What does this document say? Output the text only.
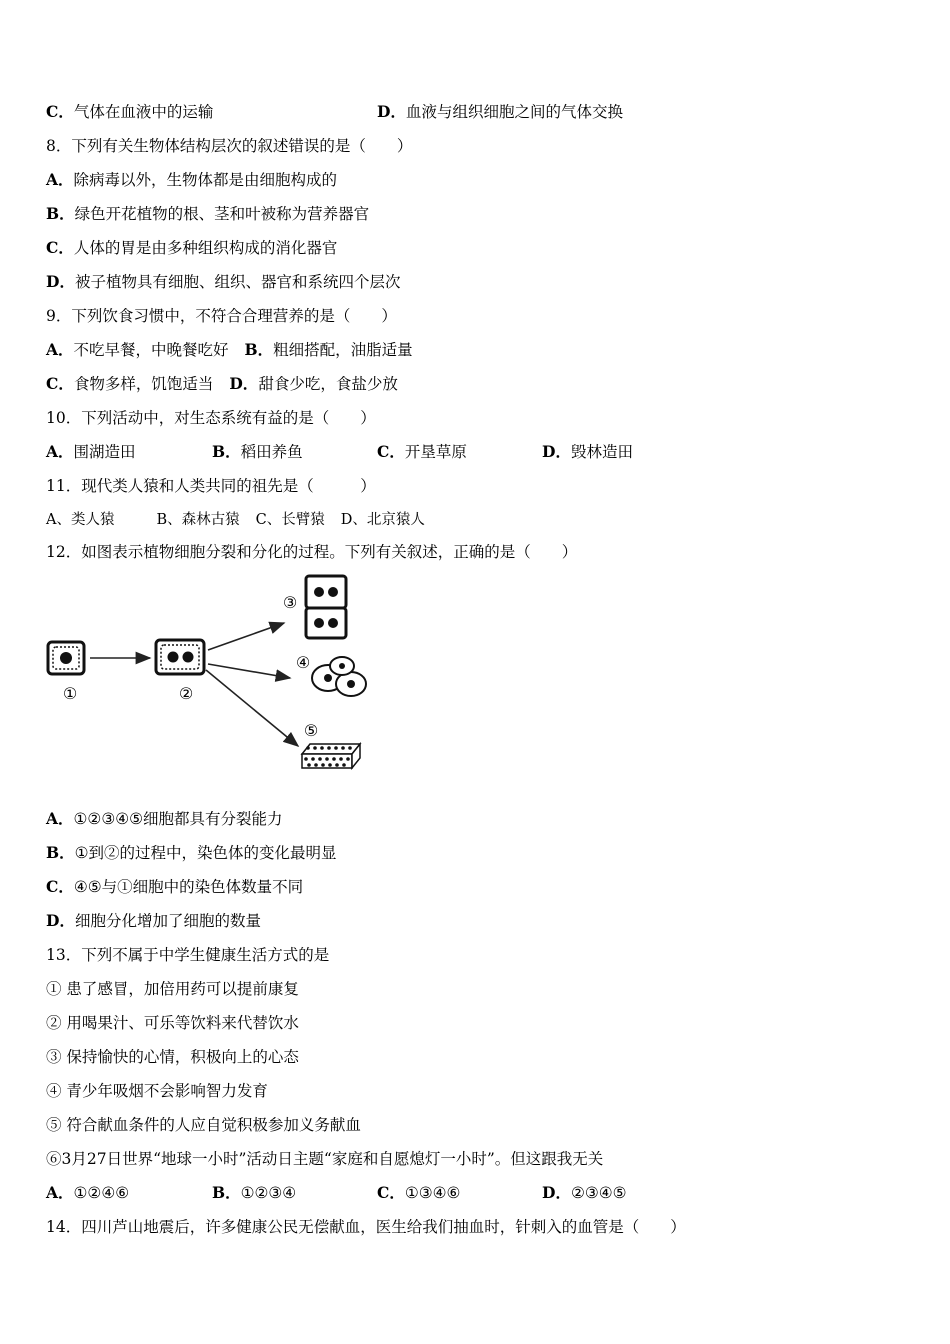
C．气体在血液中的运输	D．血液与组织细胞之间的气体交换
8．下列有关生物体结构层次的叙述错误的是（　　）
A．除病毒以外，生物体都是由细胞构成的
B．绿色开花植物的根、茎和叶被称为营养器官
C．人体的胃是由多种组织构成的消化器官
D．被子植物具有细胞、组织、器官和系统四个层次
9．下列饮食习惯中，不符合合理营养的是（　　）
A．不吃早餐，中晚餐吃好 B．粗细搭配，油脂适量
C．食物多样，饥饱适当 D．甜食少吃，食盐少放
10．下列活动中，对生态系统有益的是（　　）
A．围湖造田	B．稻田养鱼	C．开垦草原	D．毁林造田
11．现代类人猿和人类共同的祖先是（　　　）
A、类人猿	B、森林古猿 C、长臂猿 D、北京猿人
12．如图表示植物细胞分裂和分化的过程。下列有关叙述，正确的是（　　）
①	②
③
④
⑤
A．①②③④⑤细胞都具有分裂能力
B．①到②的过程中，染色体的变化最明显
C．④⑤与①细胞中的染色体数量不同
D．细胞分化增加了细胞的数量
13．下列不属于中学生健康生活方式的是
① 患了感冒，加倍用药可以提前康复
② 用喝果汁、可乐等饮料来代替饮水
③ 保持愉快的心情，积极向上的心态
④ 青少年吸烟不会影响智力发育
⑤ 符合献血条件的人应自觉积极参加义务献血
⑥3月27日世界“地球一小时”活动日主题“家庭和自愿熄灯一小时”。但这跟我无关
A．①②④⑥	B．①②③④	C．①③④⑥	D．②③④⑤
14．四川芦山地震后，许多健康公民无偿献血，医生给我们抽血时，针刺入的血管是（　　）
